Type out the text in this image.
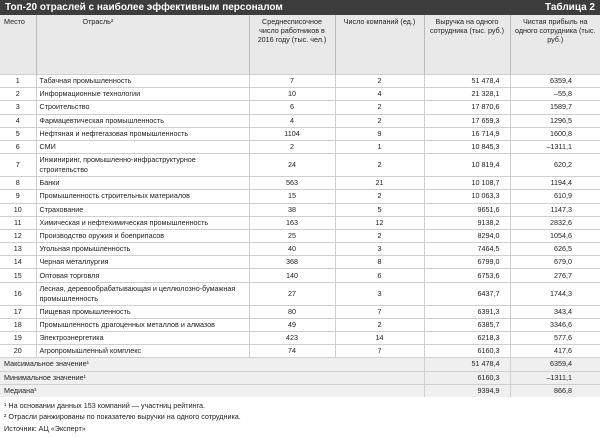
Топ-20 отраслей с наиболее эффективным персоналом	Таблица 2
Место	Отрасль²	Среднесписочное число работников в 2016 году (тыс. чел.)	Число компаний (ед.)	Выручка на одного сотрудника (тыс. руб.)	Чистая прибыль на одного сотрудника (тыс. руб.)
1	Табачная промышленность	7	2	51 478,4	6359,4
2	Информационные технологии	10	4	21 328,1	–55,8
3	Строительство	6	2	17 870,6	1589,7
4	Фармацевтическая промышленность	4	2	17 659,3	1296,5
5	Нефтяная и нефтегазовая промышленность	1104	9	16 714,9	1600,8
6	СМИ	2	1	10 845,3	–1311,1
7	Инжиниринг, промышленно-инфраструктурное строительство	24	2	10 819,4	620,2
8	Банки	563	21	10 108,7	1194,4
9	Промышленность строительных материалов	15	2	10 063,3	610,9
10	Страхование	38	5	9651,6	1147,3
11	Химическая и нефтехимическая промышленность	163	12	9138,2	2832,6
12	Производство оружия и боеприпасов	25	2	8294,0	1054,6
13	Угольная промышленность	40	3	7464,5	626,5
14	Черная металлургия	368	8	6799,0	679,0
15	Оптовая торговля	140	6	6753,6	276,7
16	Лесная, деревообрабатывающая и целлюлозно-бумажная промышленность	27	3	6437,7	1744,3
17	Пищевая промышленность	80	7	6391,3	343,4
18	Промышленность драгоценных металлов и алмазов	49	2	6385,7	3346,6
19	Электроэнергетика	423	14	6218,3	577,6
20	Агропромышленный комплекс	74	7	6160,3	417,6
Максимальное значение¹				51 478,4	6359,4
Минимальное значение¹				6160,3	–1311,1
Медиана¹				9394,9	866,8
¹ На основании данных 153 компаний — участниц рейтинга.
² Отрасли ранжированы по показателю выручки на одного сотрудника.
Источник: АЦ «Эксперт»
